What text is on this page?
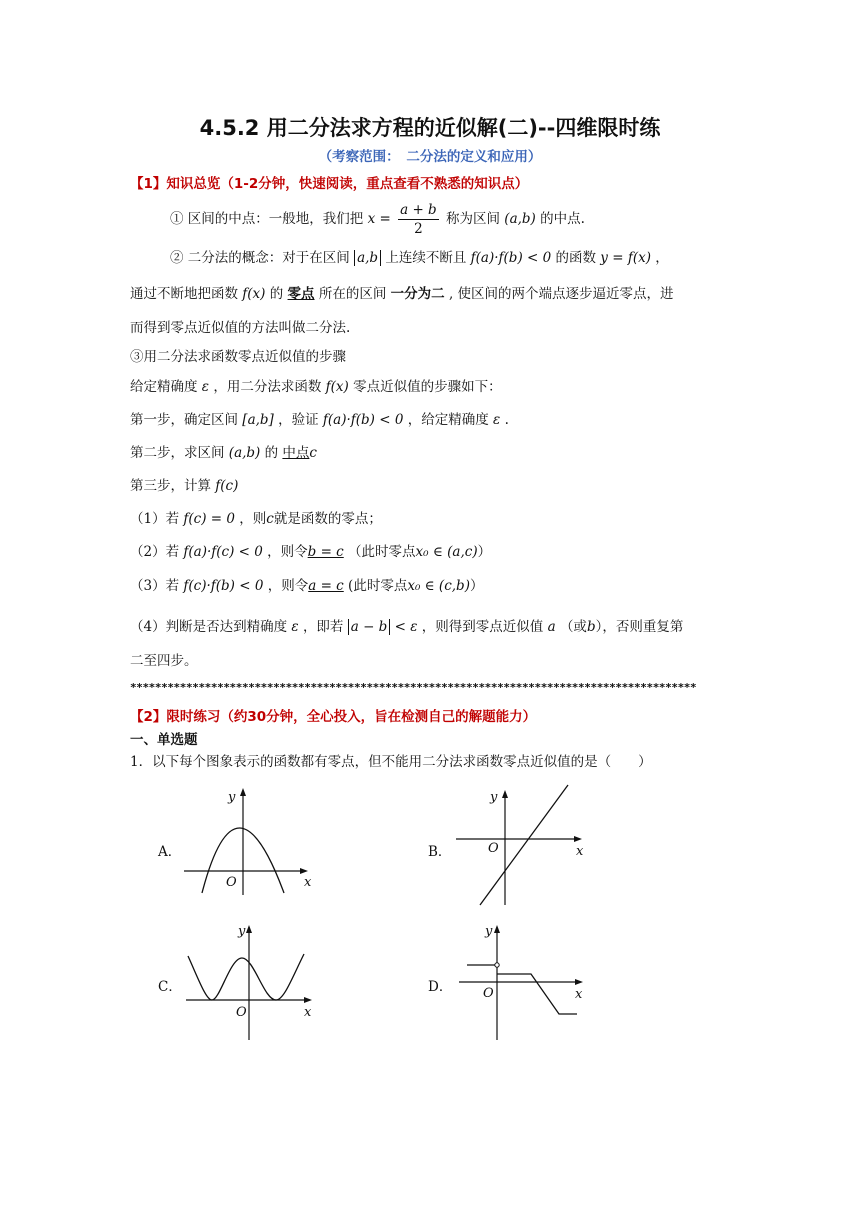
4.5.2 用二分法求方程的近似解(二)--四维限时练
（考察范围：　二分法的定义和应用）
【1】知识总览（1-2分钟，快速阅读，重点查看不熟悉的知识点）
① 区间的中点：一般地，我们把 $x = \frac{a + b}{2}$ 称为区间 (a,b) 的中点.
② 二分法的概念：对于在区间 a,b 上连续不断且 f(a)·f(b) < 0 的函数 y = f(x) ，
通过不断地把函数 f(x) 的 零点 所在的区间 一分为二 , 使区间的两个端点逐步逼近零点，进
而得到零点近似值的方法叫做二分法.
③用二分法求函数零点近似值的步骤
给定精确度 ε ，用二分法求函数 f(x) 零点近似值的步骤如下：
第一步，确定区间 [a,b] ，验证 f(a)·f(b) < 0 ，给定精确度 ε .
第二步，求区间 (a,b) 的 中点c
第三步，计算 f(c)
（1）若 f(c) = 0 ，则c就是函数的零点；
（2）若 f(a)·f(c) < 0 ，则令b = c （此时零点x₀ ∈ (a,c)）
（3）若 f(c)·f(b) < 0 ，则令a = c (此时零点x₀ ∈ (c,b)）
（4）判断是否达到精确度 ε ，即若 a − b < ε ，则得到零点近似值 a （或b），否则重复第
二至四步。
*******************************************************************************************
【2】限时练习（约30分钟，全心投入，旨在检测自己的解题能力）
一、单选题
1．以下每个图象表示的函数都有零点，但不能用二分法求函数零点近似值的是（　　）
A．
y
x
O
B．
y
x
O
C．
y
x
O
D．
y
x
O
